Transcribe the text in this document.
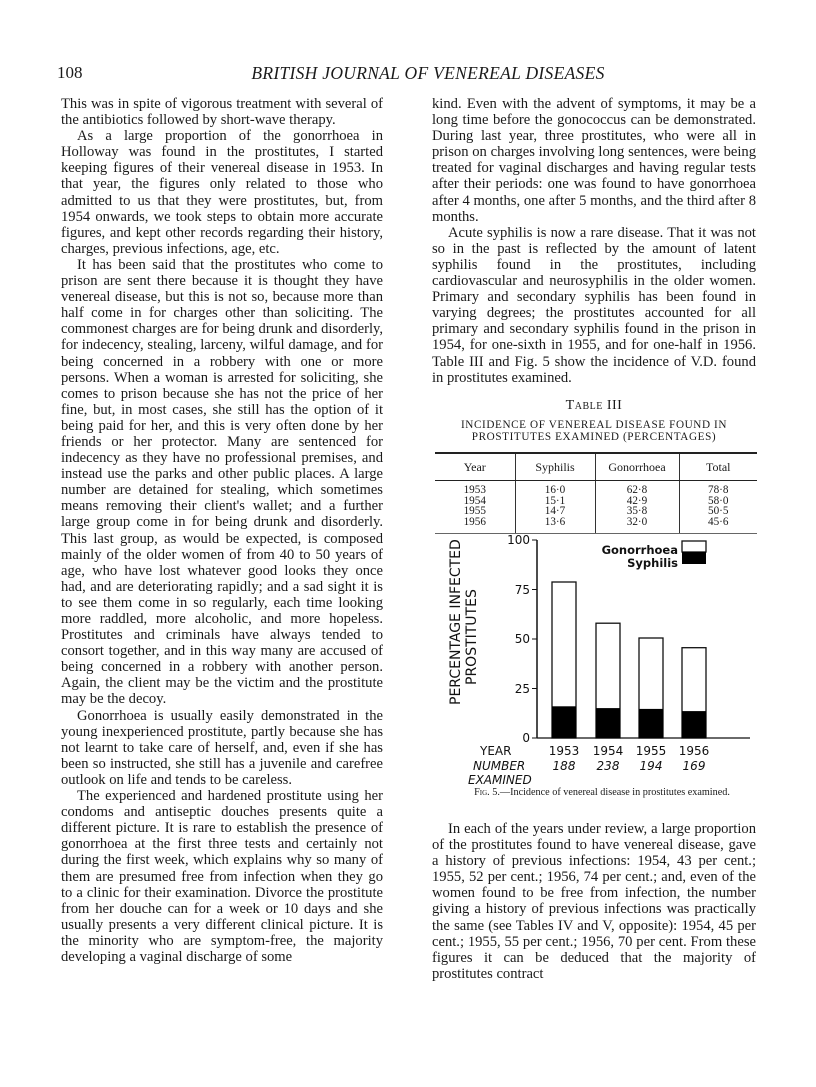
108	BRITISH JOURNAL OF VENEREAL DISEASES

This was in spite of vigorous treatment with several of the antibiotics followed by short-wave therapy.

As a large proportion of the gonorrhoea in Holloway was found in the prostitutes, I started keeping figures of their venereal disease in 1953. In that year, the figures only related to those who admitted to us that they were prostitutes, but, from 1954 onwards, we took steps to obtain more accurate figures, and kept other records regarding their history, charges, previous infections, age, etc.

It has been said that the prostitutes who come to prison are sent there because it is thought they have venereal disease, but this is not so, because more than half come in for charges other than soliciting. The commonest charges are for being drunk and disorderly, for indecency, stealing, larceny, wilful damage, and for being concerned in a robbery with one or more persons. When a woman is arrested for soliciting, she comes to prison because she has not the price of her fine, but, in most cases, she still has the option of it being paid for her, and this is very often done by her friends or her protector. Many are sentenced for indecency as they have no professional premises, and instead use the parks and other public places. A large number are detained for stealing, which sometimes means removing their client's wallet; and a further large group come in for being drunk and disorderly. This last group, as would be expected, is composed mainly of the older women of from 40 to 50 years of age, who have lost whatever good looks they once had, and are deteriorating rapidly; and a sad sight it is to see them come in so regularly, each time looking more raddled, more alcoholic, and more hopeless. Prostitutes and criminals have always tended to consort together, and in this way many are accused of being concerned in a robbery with another person. Again, the client may be the victim and the prostitute may be the decoy.

Gonorrhoea is usually easily demonstrated in the young inexperienced prostitute, partly because she has not learnt to take care of herself, and, even if she has been so instructed, she still has a juvenile and carefree outlook on life and tends to be careless.

The experienced and hardened prostitute using her condoms and antiseptic douches presents quite a different picture. It is rare to establish the presence of gonorrhoea at the first three tests and certainly not during the first week, which explains why so many of them are presumed free from infection when they go to a clinic for their examination. Divorce the prostitute from her douche can for a week or 10 days and she usually presents a very different clinical picture. It is the minority who are symptom-free, the majority developing a vaginal discharge of some

kind. Even with the advent of symptoms, it may be a long time before the gonococcus can be demonstrated. During last year, three prostitutes, who were all in prison on charges involving long sentences, were being treated for vaginal discharges and having regular tests after their periods: one was found to have gonorrhoea after 4 months, one after 5 months, and the third after 8 months.

Acute syphilis is now a rare disease. That it was not so in the past is reflected by the amount of latent syphilis found in the prostitutes, including cardiovascular and neurosyphilis in the older women. Primary and secondary syphilis has been found in varying degrees; the prostitutes accounted for all primary and secondary syphilis found in the prison in 1954, for one-sixth in 1955, and for one-half in 1956. Table III and Fig. 5 show the incidence of V.D. found in prostitutes examined.

Table III
INCIDENCE OF VENEREAL DISEASE FOUND IN
PROSTITUTES EXAMINED (PERCENTAGES)
Year	Syphilis	Gonorrhoea	Total
1953	16·0	62·8	78·8
1954	15·1	42·9	58·0
1955	14·7	35·8	50·5
1956	13·6	32·0	45·6
PERCENTAGE INFECTED PROSTITUTES
100
75
50
25
0
Gonorrhoea
Syphilis
YEAR	1953 1954 1955 1956
NUMBER
EXAMINED
188 238 194 169
Fig. 5.—Incidence of venereal disease in prostitutes examined.

In each of the years under review, a large proportion of the prostitutes found to have venereal disease, gave a history of previous infections: 1954, 43 per cent.; 1955, 52 per cent.; 1956, 74 per cent.; and, even of the women found to be free from infection, the number giving a history of previous infections was practically the same (see Tables IV and V, opposite): 1954, 45 per cent.; 1955, 55 per cent.; 1956, 70 per cent. From these figures it can be deduced that the majority of prostitutes contract
